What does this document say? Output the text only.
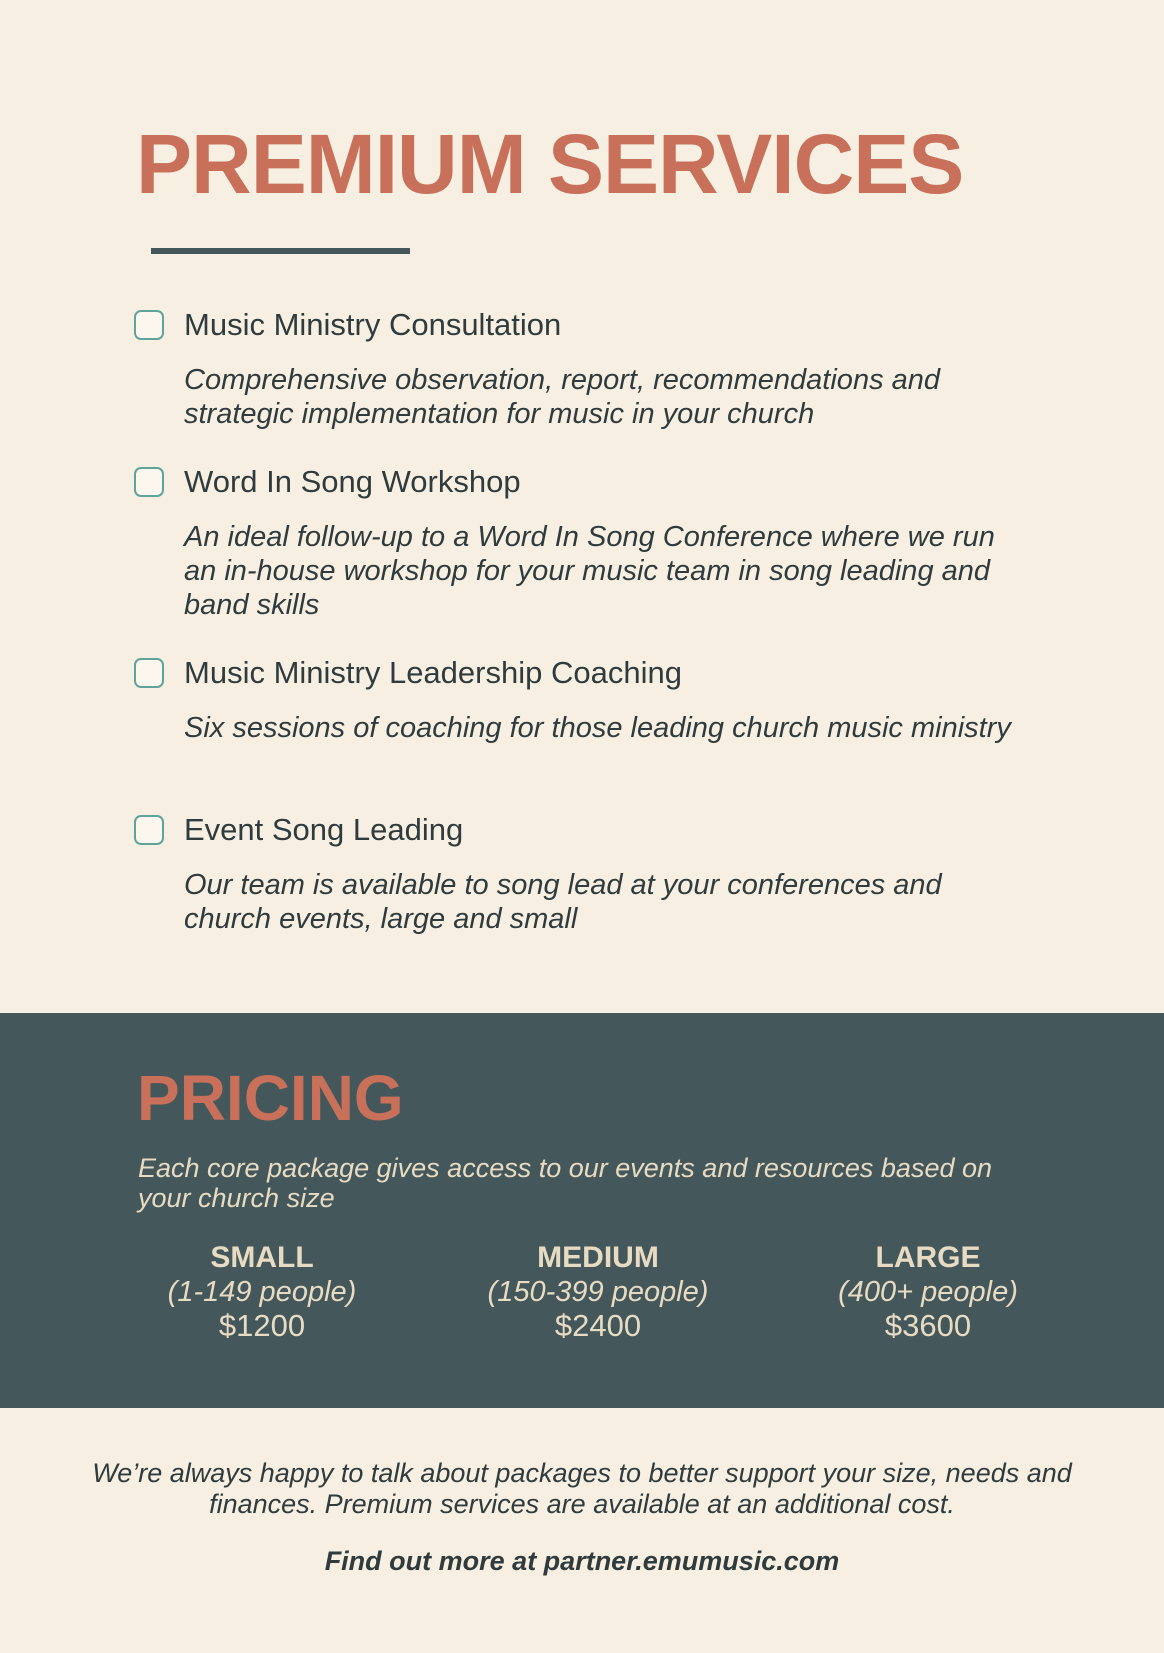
PREMIUM SERVICES
Music Ministry Consultation
Comprehensive observation, report, recommendations and strategic implementation for music in your church
Word In Song Workshop
An ideal follow-up to a Word In Song Conference where we run an in-house workshop for your music team in song leading and band skills
Music Ministry Leadership Coaching
Six sessions of coaching for those leading church music ministry
Event Song Leading
Our team is available to song lead at your conferences and church events, large and small
PRICING
Each core package gives access to our events and resources based on your church size
SMALL
(1-149 people)
$1200
MEDIUM
(150-399 people)
$2400
LARGE
(400+ people)
$3600
We’re always happy to talk about packages to better support your size, needs and finances. Premium services are available at an additional cost.
Find out more at partner.emumusic.com
